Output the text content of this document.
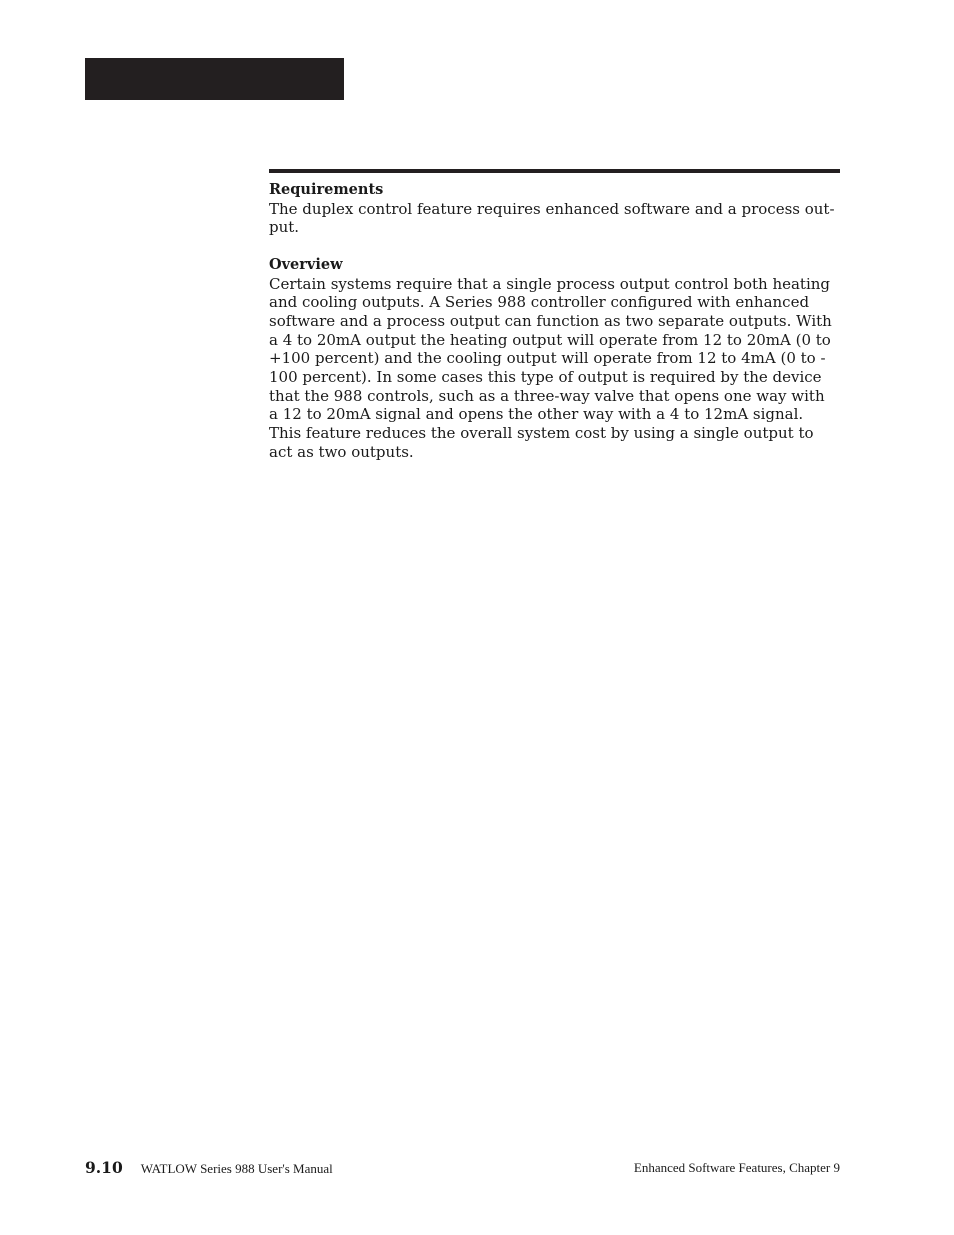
Requirements

The duplex control feature requires enhanced software and a process out-
put.

Overview

Certain systems require that a single process output control both heating
and cooling outputs. A Series 988 controller configured with enhanced
software and a process output can function as two separate outputs. With
a 4 to 20mA output the heating output will operate from 12 to 20mA (0 to
+100 percent) and the cooling output will operate from 12 to 4mA (0 to -
100 percent). In some cases this type of output is required by the device
that the 988 controls, such as a three-way valve that opens one way with
a 12 to 20mA signal and opens the other way with a 4 to 12mA signal.
This feature reduces the overall system cost by using a single output to
act as two outputs.

9.10 WATLOW Series 988 User's Manual	Enhanced Software Features, Chapter 9
